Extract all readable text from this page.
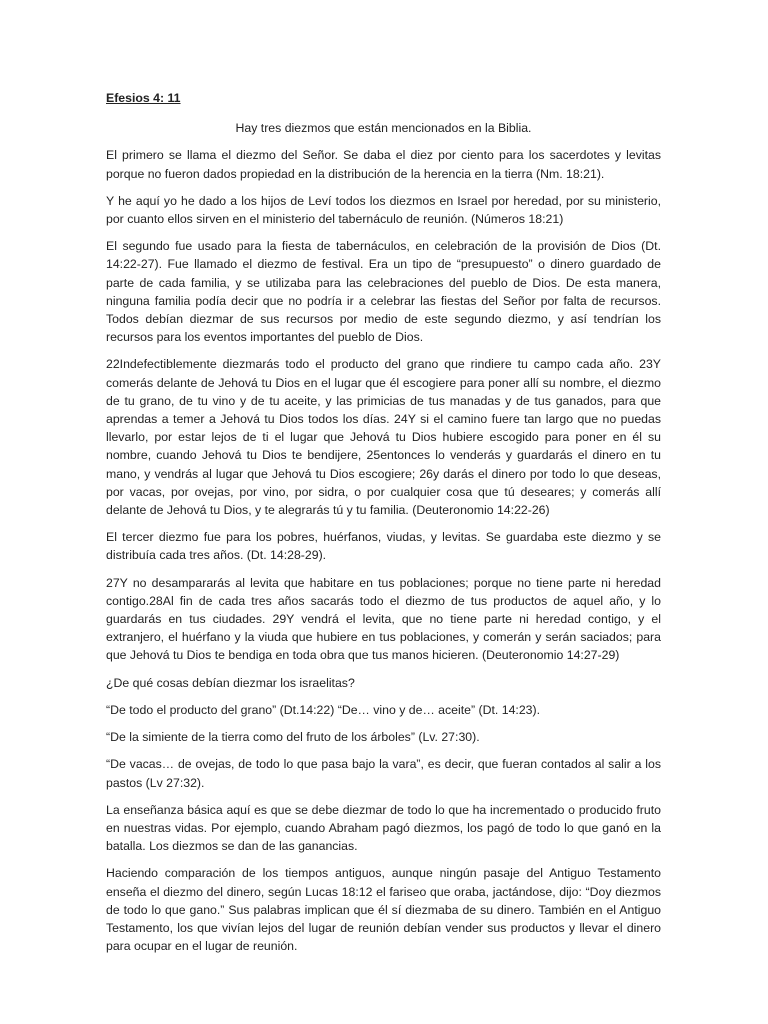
Efesios 4: 11
Hay tres diezmos que están mencionados en la Biblia.

El primero se llama el diezmo del Señor. Se daba el diez por ciento para los sacerdotes y levitas porque no fueron dados propiedad en la distribución de la herencia en la tierra (Nm. 18:21).

Y he aquí yo he dado a los hijos de Leví todos los diezmos en Israel por heredad, por su ministerio, por cuanto ellos sirven en el ministerio del tabernáculo de reunión. (Números 18:21)

El segundo fue usado para la fiesta de tabernáculos, en celebración de la provisión de Dios (Dt. 14:22-27). Fue llamado el diezmo de festival. Era un tipo de “presupuesto” o dinero guardado de parte de cada familia, y se utilizaba para las celebraciones del pueblo de Dios. De esta manera, ninguna familia podía decir que no podría ir a celebrar las fiestas del Señor por falta de recursos. Todos debían diezmar de sus recursos por medio de este segundo diezmo, y así tendrían los recursos para los eventos importantes del pueblo de Dios.

22Indefectiblemente diezmarás todo el producto del grano que rindiere tu campo cada año. 23Y comerás delante de Jehová tu Dios en el lugar que él escogiere para poner allí su nombre, el diezmo de tu grano, de tu vino y de tu aceite, y las primicias de tus manadas y de tus ganados, para que aprendas a temer a Jehová tu Dios todos los días. 24Y si el camino fuere tan largo que no puedas llevarlo, por estar lejos de ti el lugar que Jehová tu Dios hubiere escogido para poner en él su nombre, cuando Jehová tu Dios te bendijere, 25entonces lo venderás y guardarás el dinero en tu mano, y vendrás al lugar que Jehová tu Dios escogiere; 26y darás el dinero por todo lo que deseas, por vacas, por ovejas, por vino, por sidra, o por cualquier cosa que tú deseares; y comerás allí delante de Jehová tu Dios, y te alegrarás tú y tu familia. (Deuteronomio 14:22-26)

El tercer diezmo fue para los pobres, huérfanos, viudas, y levitas. Se guardaba este diezmo y se distribuía cada tres años. (Dt. 14:28-29).

27Y no desampararás al levita que habitare en tus poblaciones; porque no tiene parte ni heredad contigo.28Al fin de cada tres años sacarás todo el diezmo de tus productos de aquel año, y lo guardarás en tus ciudades. 29Y vendrá el levita, que no tiene parte ni heredad contigo, y el extranjero, el huérfano y la viuda que hubiere en tus poblaciones, y comerán y serán saciados; para que Jehová tu Dios te bendiga en toda obra que tus manos hicieren. (Deuteronomio 14:27-29)

¿De qué cosas debían diezmar los israelitas?

“De todo el producto del grano” (Dt.14:22) “De… vino y de… aceite” (Dt. 14:23).

“De la simiente de la tierra como del fruto de los árboles” (Lv. 27:30).

“De vacas… de ovejas, de todo lo que pasa bajo la vara”, es decir, que fueran contados al salir a los pastos (Lv 27:32).

La enseñanza básica aquí es que se debe diezmar de todo lo que ha incrementado o producido fruto en nuestras vidas. Por ejemplo, cuando Abraham pagó diezmos, los pagó de todo lo que ganó en la batalla. Los diezmos se dan de las ganancias.

Haciendo comparación de los tiempos antiguos, aunque ningún pasaje del Antiguo Testamento enseña el diezmo del dinero, según Lucas 18:12 el fariseo que oraba, jactándose, dijo: “Doy diezmos de todo lo que gano.” Sus palabras implican que él sí diezmaba de su dinero. También en el Antiguo Testamento, los que vivían lejos del lugar de reunión debían vender sus productos y llevar el dinero para ocupar en el lugar de reunión.
